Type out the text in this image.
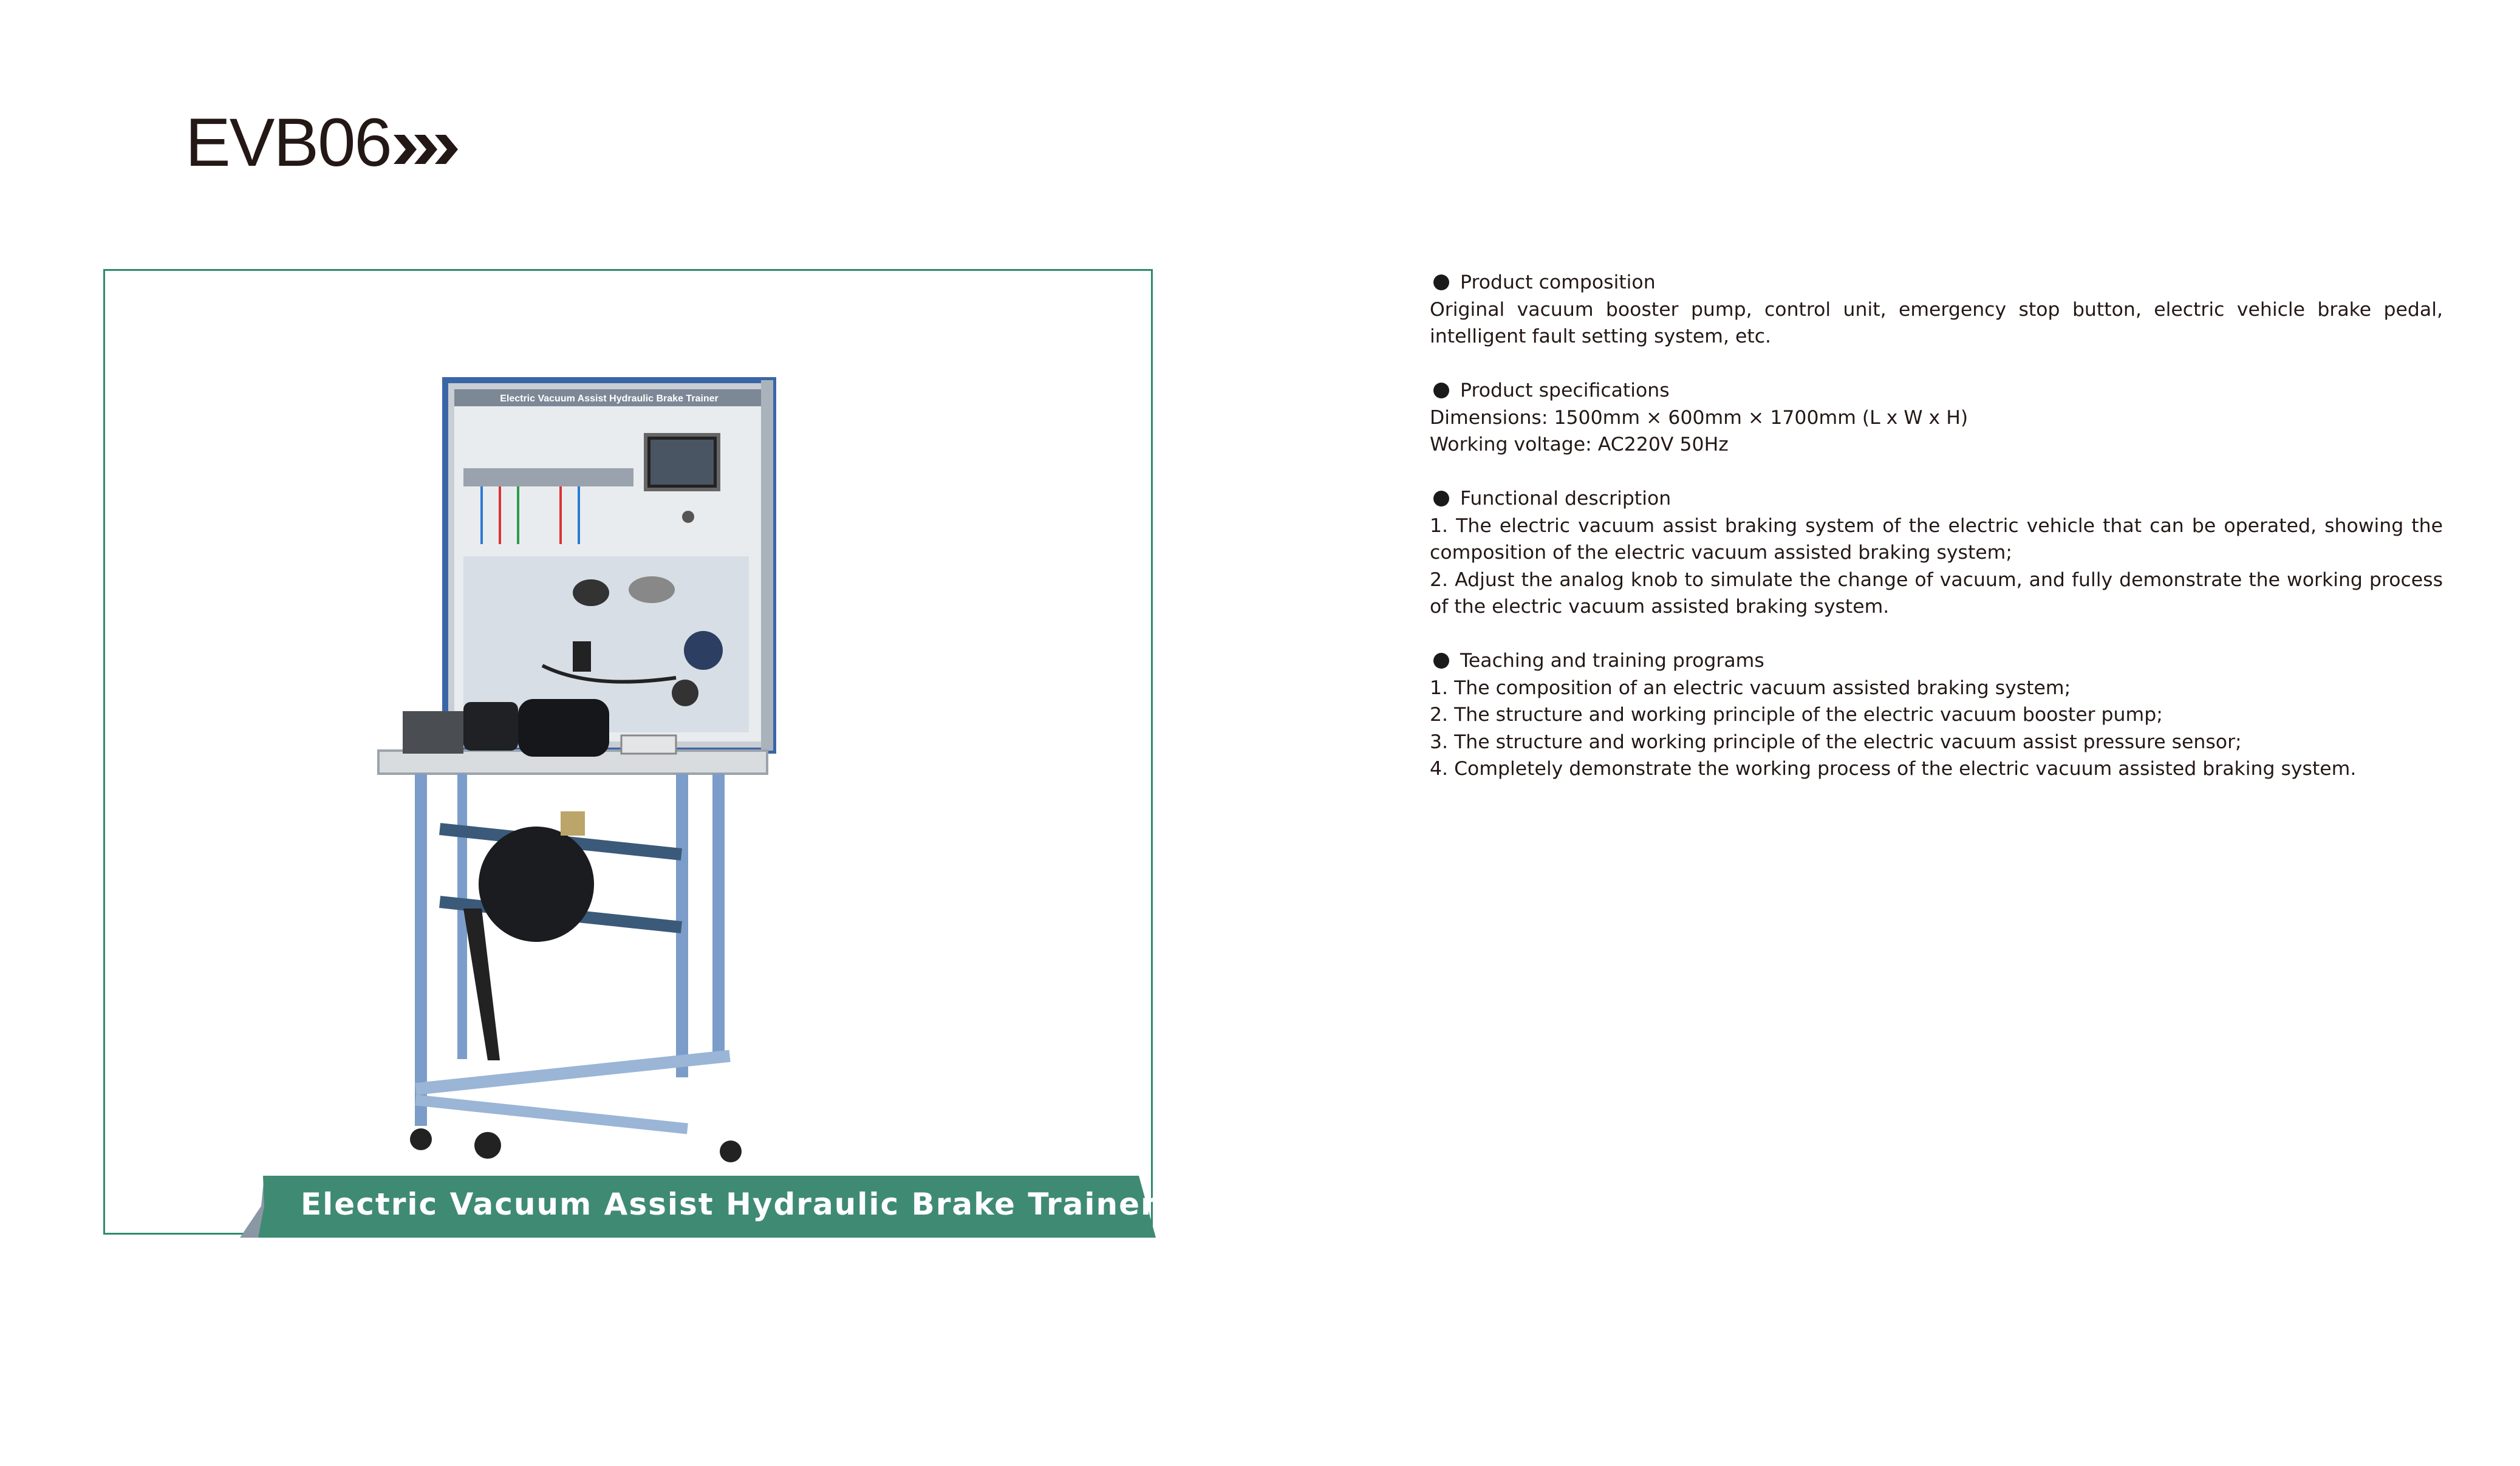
EVB06
Electric Vacuum Assist Hydraulic Brake Trainer
Electric Vacuum Assist Hydraulic Brake Trainer
Product composition
Original vacuum booster pump, control unit, emergency stop button, electric vehicle brake pedal,
intelligent fault setting system, etc.
Product specifications
Dimensions: 1500mm × 600mm × 1700mm (L x W x H)
Working voltage: AC220V 50Hz
Functional description
1. The electric vacuum assist braking system of the electric vehicle that can be operated, showing the
composition of the electric vacuum assisted braking system;
2. Adjust the analog knob to simulate the change of vacuum, and fully demonstrate the working process
of the electric vacuum assisted braking system.
Teaching and training programs
1. The composition of an electric vacuum assisted braking system;
2. The structure and working principle of the electric vacuum booster pump;
3. The structure and working principle of the electric vacuum assist pressure sensor;
4. Completely demonstrate the working process of the electric vacuum assisted braking system.
